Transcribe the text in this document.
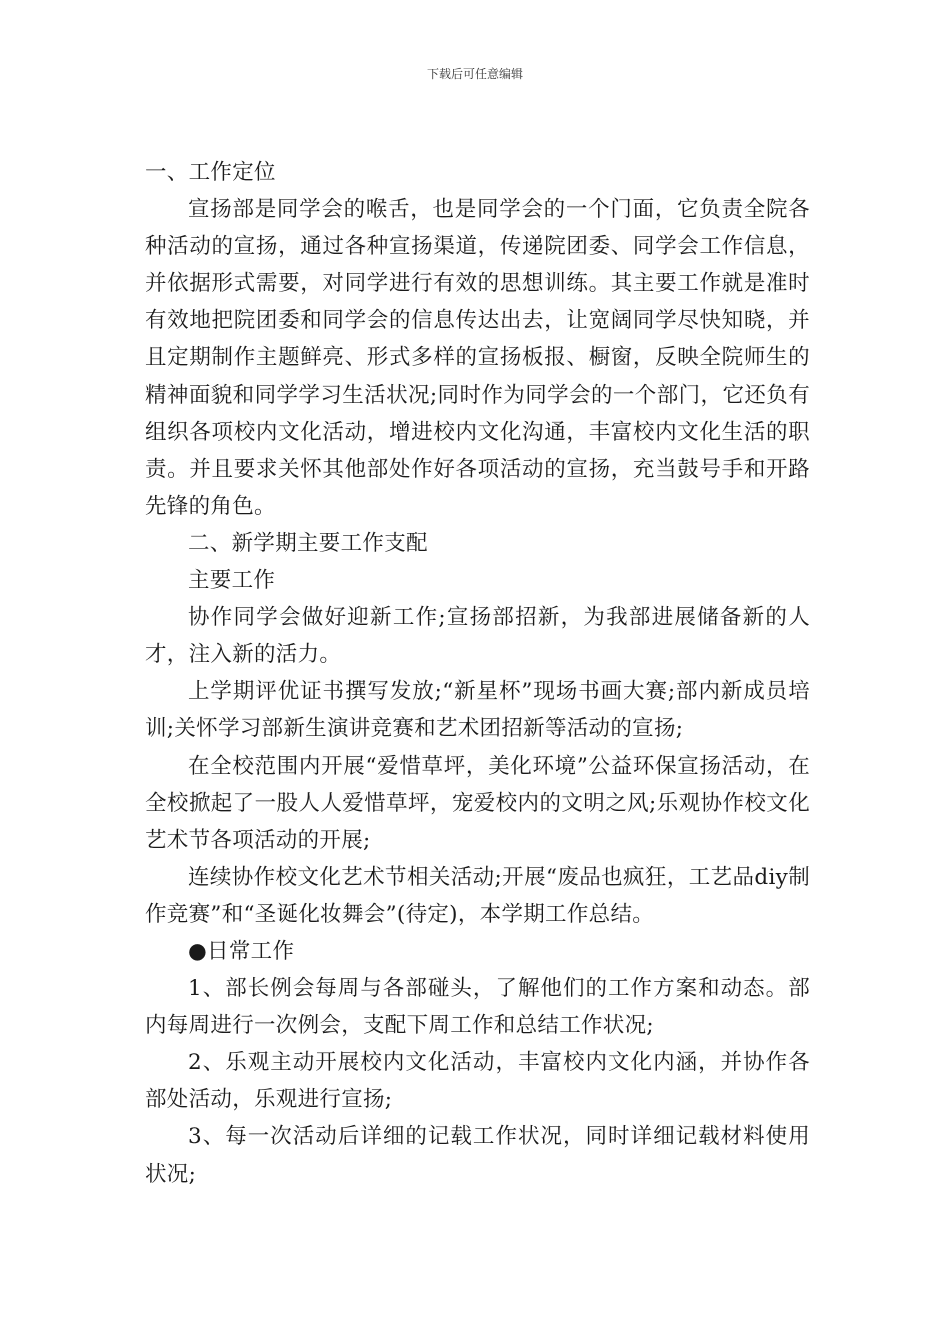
下载后可任意编辑

一、工作定位

宣扬部是同学会的喉舌，也是同学会的一个门面，它负责全院各种活动的宣扬，通过各种宣扬渠道，传递院团委、同学会工作信息，并依据形式需要，对同学进行有效的思想训练。其主要工作就是准时有效地把院团委和同学会的信息传达出去，让宽阔同学尽快知晓，并且定期制作主题鲜亮、形式多样的宣扬板报、橱窗，反映全院师生的精神面貌和同学学习生活状况;同时作为同学会的一个部门，它还负有组织各项校内文化活动，增进校内文化沟通，丰富校内文化生活的职责。并且要求关怀其他部处作好各项活动的宣扬，充当鼓号手和开路先锋的角色。

二、新学期主要工作支配

主要工作

协作同学会做好迎新工作;宣扬部招新，为我部进展储备新的人才，注入新的活力。

上学期评优证书撰写发放;“新星杯”现场书画大赛;部内新成员培训;关怀学习部新生演讲竞赛和艺术团招新等活动的宣扬;

在全校范围内开展“爱惜草坪，美化环境”公益环保宣扬活动，在全校掀起了一股人人爱惜草坪，宠爱校内的文明之风;乐观协作校文化艺术节各项活动的开展;

连续协作校文化艺术节相关活动;开展“废品也疯狂，工艺品diy制作竞赛”和“圣诞化妆舞会”(待定)，本学期工作总结。

●日常工作

1、部长例会每周与各部碰头，了解他们的工作方案和动态。部内每周进行一次例会，支配下周工作和总结工作状况;

2、乐观主动开展校内文化活动，丰富校内文化内涵，并协作各部处活动，乐观进行宣扬;

3、每一次活动后详细的记载工作状况，同时详细记载材料使用状况;
